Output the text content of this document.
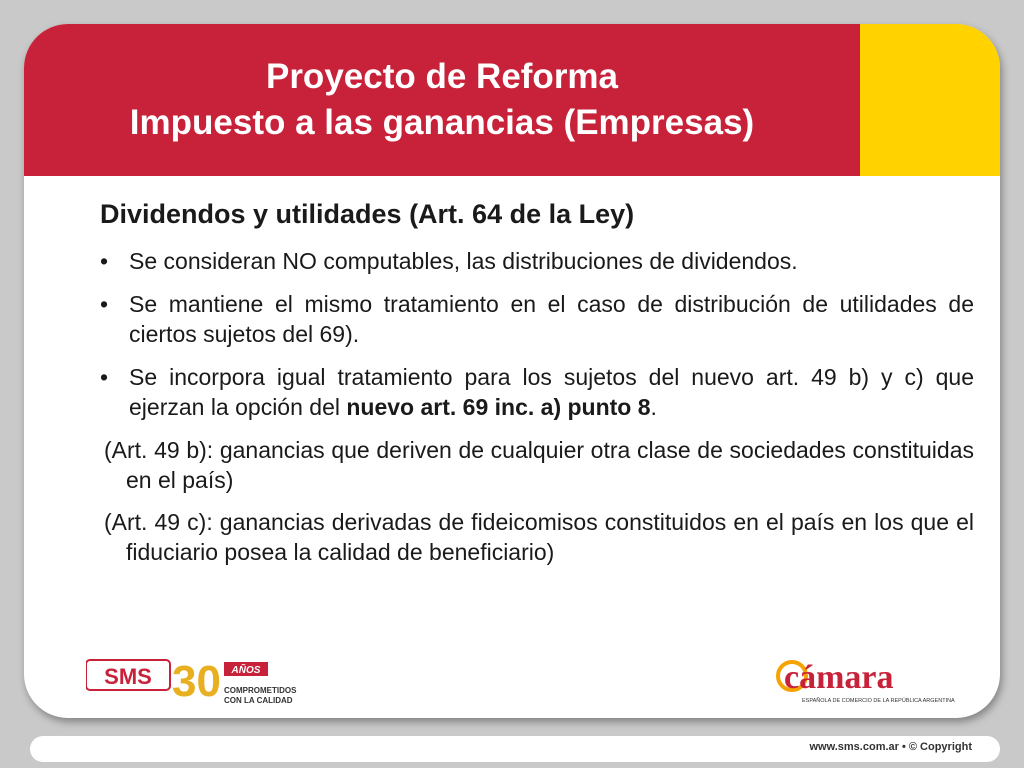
Proyecto de Reforma
Impuesto a las ganancias (Empresas)
Dividendos y utilidades (Art. 64 de la Ley)
• Se consideran NO computables, las distribuciones de dividendos.
• Se mantiene el mismo tratamiento en el caso de distribución de utilidades de ciertos sujetos del 69).
• Se incorpora igual tratamiento para los sujetos del nuevo art. 49 b) y c) que ejerzan la opción del nuevo art. 69 inc. a) punto 8.
(Art. 49 b): ganancias que deriven de cualquier otra clase de sociedades constituidas en el país)
(Art. 49 c): ganancias derivadas de fideicomisos constituidos en el país en los que el fiduciario posea la calidad de beneficiario)
SMS 30 AÑOS
COMPROMETIDOS
CON LA CALIDAD
cámara
ESPAÑOLA DE COMERCIO DE LA REPÚBLICA ARGENTINA
www.sms.com.ar • © Copyright
